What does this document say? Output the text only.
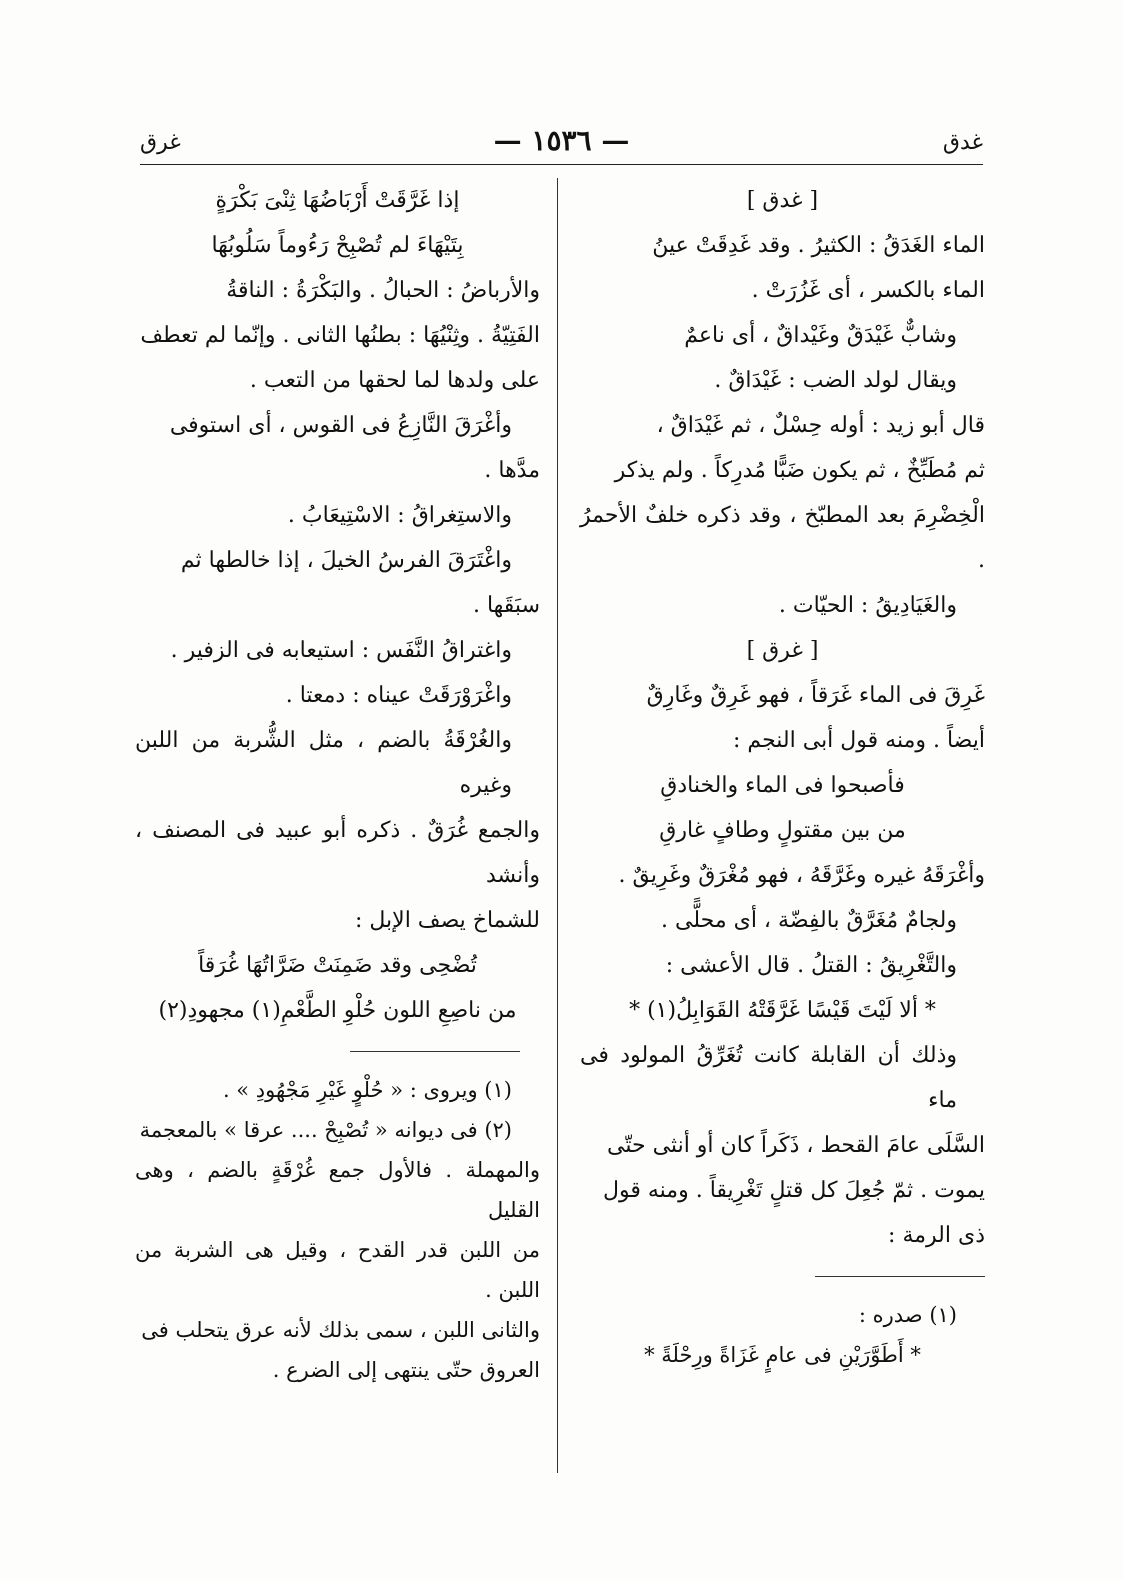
غدق
— ١٥٣٦ —
غرق

[ غدق ]

الماء الغَدَقُ : الكثيرُ . وقد غَدِقَتْ عينُ

الماء بالكسر ، أى غَزُرَتْ .

وشابٌّ غَيْدَقٌ وغَيْداقٌ ، أى ناعمٌ

ويقال لولد الضب : غَيْدَاقٌ .

قال أبو زيد : أوله حِسْلٌ ، ثم غَيْدَاقٌ ،

ثم مُطَبِّخٌ ، ثم يكون ضَبًّا مُدرِكاً . ولم يذكر

الْخِضْرِمَ بعد المطبّخ ، وقد ذكره خلفٌ الأحمرُ .

والغَيَادِيقُ : الحيّات .

[ غرق ]

غَرِقَ فى الماء غَرَقاً ، فهو غَرِقٌ وغَارِقٌ

أيضاً . ومنه قول أبى النجم :

فأصبحوا فى الماء والخنادقِ

من بين مقتولٍ وطافٍ غارقِ

وأغْرَقَهُ غيره وغَرَّقَهُ ، فهو مُغْرَقٌ وغَرِيقٌ .

ولجامٌ مُغَرَّقٌ بالفِضّة ، أى محلًّى .

والتَّغْرِيقُ : القتلُ . قال الأعشى :

* ألا لَيْتَ قَيْسًا غَرَّقَتْهُ القَوَابِلُ(١) *

وذلك أن القابلة كانت تُغَرِّقُ المولود فى ماء

السَّلَى عامَ القحط ، ذَكَراً كان أو أنثى حتّى

يموت . ثمّ جُعِلَ كل قتلٍ تَغْرِيقاً . ومنه قول

ذى الرمة :

(١) صدره :

* أَطَوَّرَيْنِ فى عامٍ غَزَاةً ورِحْلَةً *

إذا غَرَّقَتْ أَرْبَاضُهَا ثِنْىَ بَكْرَةٍ

بِتَيْهَاءَ لم تُصْبِحْ رَءُوماً سَلُوبُهَا

والأرباضُ : الحبالُ . والبَكْرَةُ : الناقةُ

الفَتِيّةُ . وثِنْيُهَا : بطنُها الثانى . وإنّما لم تعطف

على ولدها لما لحقها من التعب .

وأغْرَقَ النَّازِعُ فى القوس ، أى استوفى

مدَّها .

والاستِغراقُ : الاسْتِيعَابُ .

واغْتَرَقَ الفرسُ الخيلَ ، إذا خالطها ثم

سبَقَها .

واغتراقُ النَّفَس : استيعابه فى الزفير .

واغْرَوْرَقَتْ عيناه : دمعتا .

والغُرْقَةُ بالضم ، مثل الشُّربة من اللبن وغيره

والجمع غُرَقٌ . ذكره أبو عبيد فى المصنف ، وأنشد

للشماخ يصف الإبل :

تُضْحِى وقد ضَمِنَتْ ضَرَّاتُهَا غُرَقاً

من ناصِعِ اللون حُلْوِ الطَّعْمِ(١) مجهودِ(٢)

(١) ويروى : « حُلْوٍ غَيْرِ مَجْهُودِ » .

(٢) فى ديوانه « تُصْبِحْ .... عرقا » بالمعجمة

والمهملة . فالأول جمع غُرْقَةٍ بالضم ، وهى القليل

من اللبن قدر القدح ، وقيل هى الشربة من اللبن .

والثانى اللبن ، سمى بذلك لأنه عرق يتحلب فى

العروق حتّى ينتهى إلى الضرع .
